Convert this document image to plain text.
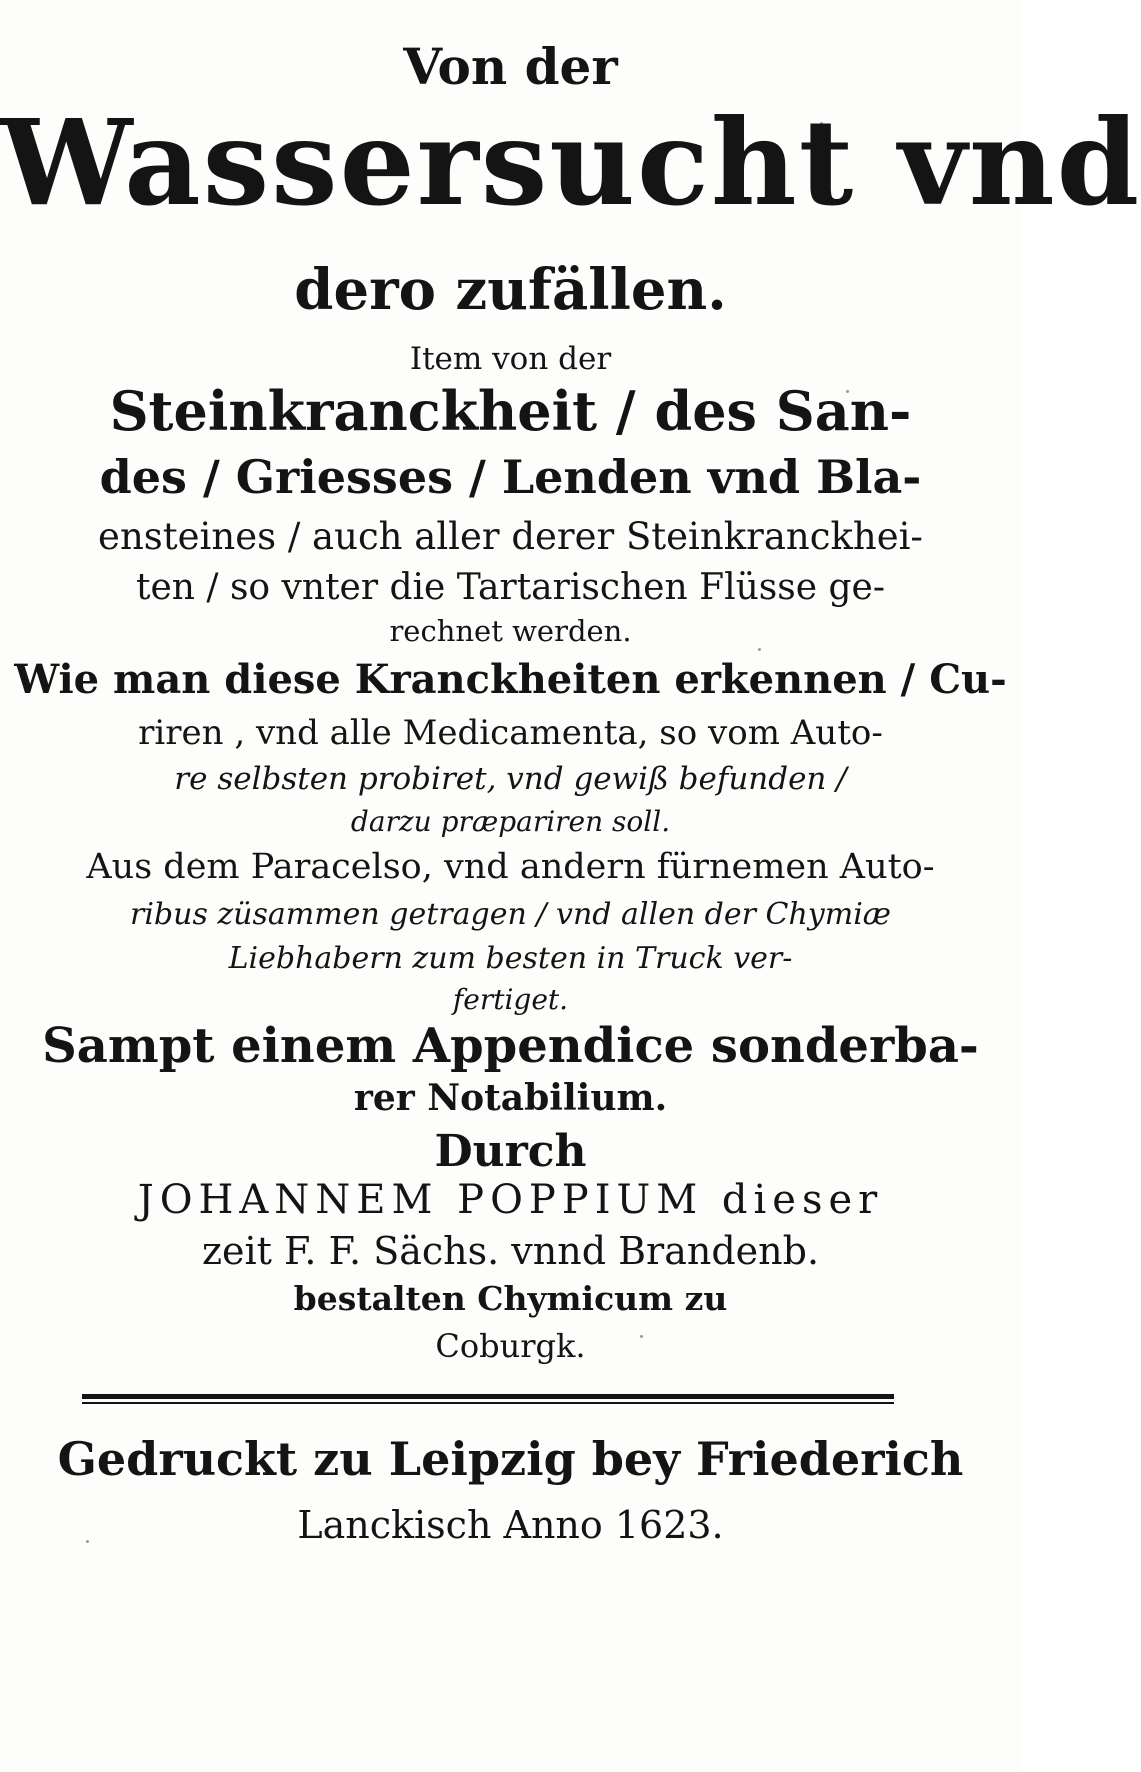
Von der
Wassersucht vnd
dero zufällen.
Item von der
Steinkranckheit / des San-
des / Griesses / Lenden vnd Bla-
ensteines / auch aller derer Steinkranckhei-
ten / so vnter die Tartarischen Flüsse ge-
rechnet werden.
Wie man diese Kranckheiten erkennen / Cu-
riren , vnd alle Medicamenta, so vom Auto-
re selbsten probiret, vnd gewiß befunden /
darzu præpariren soll.
Aus dem Paracelso, vnd andern fürnemen Auto-
ribus züsammen getragen / vnd allen der Chymiæ
Liebhabern zum besten in Truck ver-
fertiget.
Sampt einem Appendice sonderba-
rer Notabilium.
Durch
JOHANNEM POPPIUM dieser
zeit F. F. Sächs. vnnd Brandenb.
bestalten Chymicum zu
Coburgk.
Gedruckt zu Leipzig bey Friederich
Lanckisch Anno 1623.
